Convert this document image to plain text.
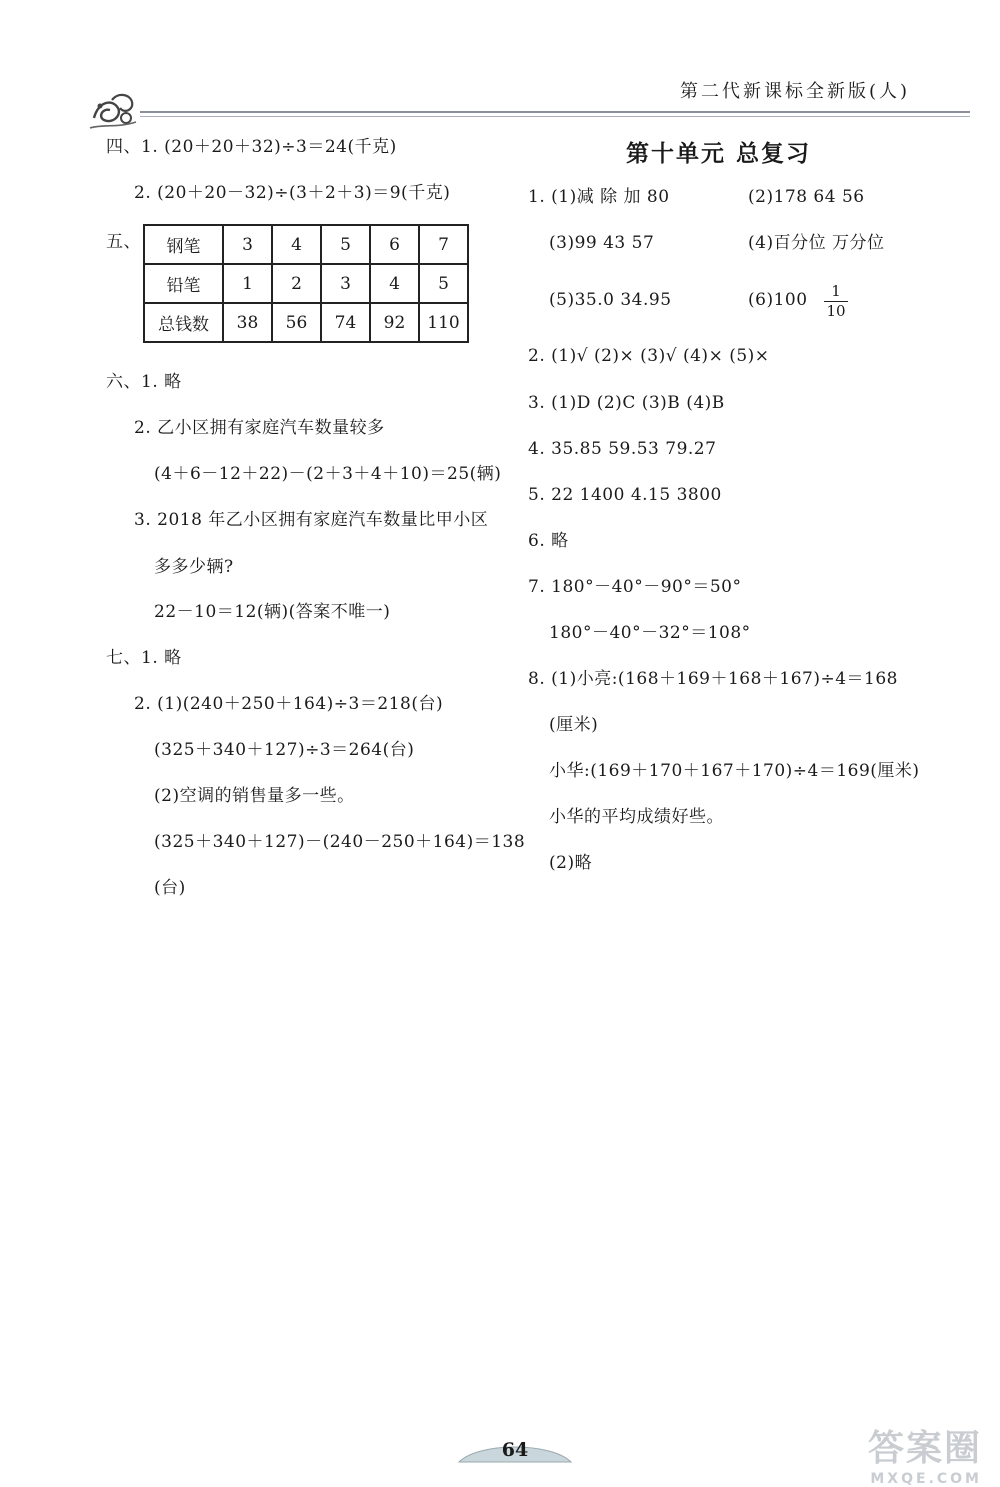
第二代新课标全新版(人)
四、1. (20＋20＋32)÷3＝24(千克)
2. (20＋20－32)÷(3＋2＋3)＝9(千克)
五、 钢笔	3	4	5	6	7
铅笔	1	2	3	4	5
总钱数	38	56	74	92	110
六、1. 略
2. 乙小区拥有家庭汽车数量较多
(4＋6－12＋22)－(2＋3＋4＋10)＝25(辆)
3. 2018 年乙小区拥有家庭汽车数量比甲小区
多多少辆?
22－10＝12(辆)(答案不唯一)
七、1. 略
2. (1)(240＋250＋164)÷3＝218(台)
(325＋340＋127)÷3＝264(台)
(2)空调的销售量多一些。
(325＋340＋127)－(240－250＋164)＝138
(台)
第十单元 总复习
1. (1)减 除 加 80	(2)178 64 56
(3)99 43 57	(4)百分位 万分位
(5)35.0 34.95	(6)100	1
10
2. (1)√ (2)× (3)√ (4)× (5)×
3. (1)D (2)C (3)B (4)B
4. 35.85 59.53 79.27
5. 22 1400 4.15 3800
6. 略
7. 180°－40°－90°＝50°
180°－40°－32°＝108°
8. (1)小亮:(168＋169＋168＋167)÷4＝168
(厘米)
小华:(169＋170＋167＋170)÷4＝169(厘米)
小华的平均成绩好些。
(2)略
64	答案圈
MXQE.COM
